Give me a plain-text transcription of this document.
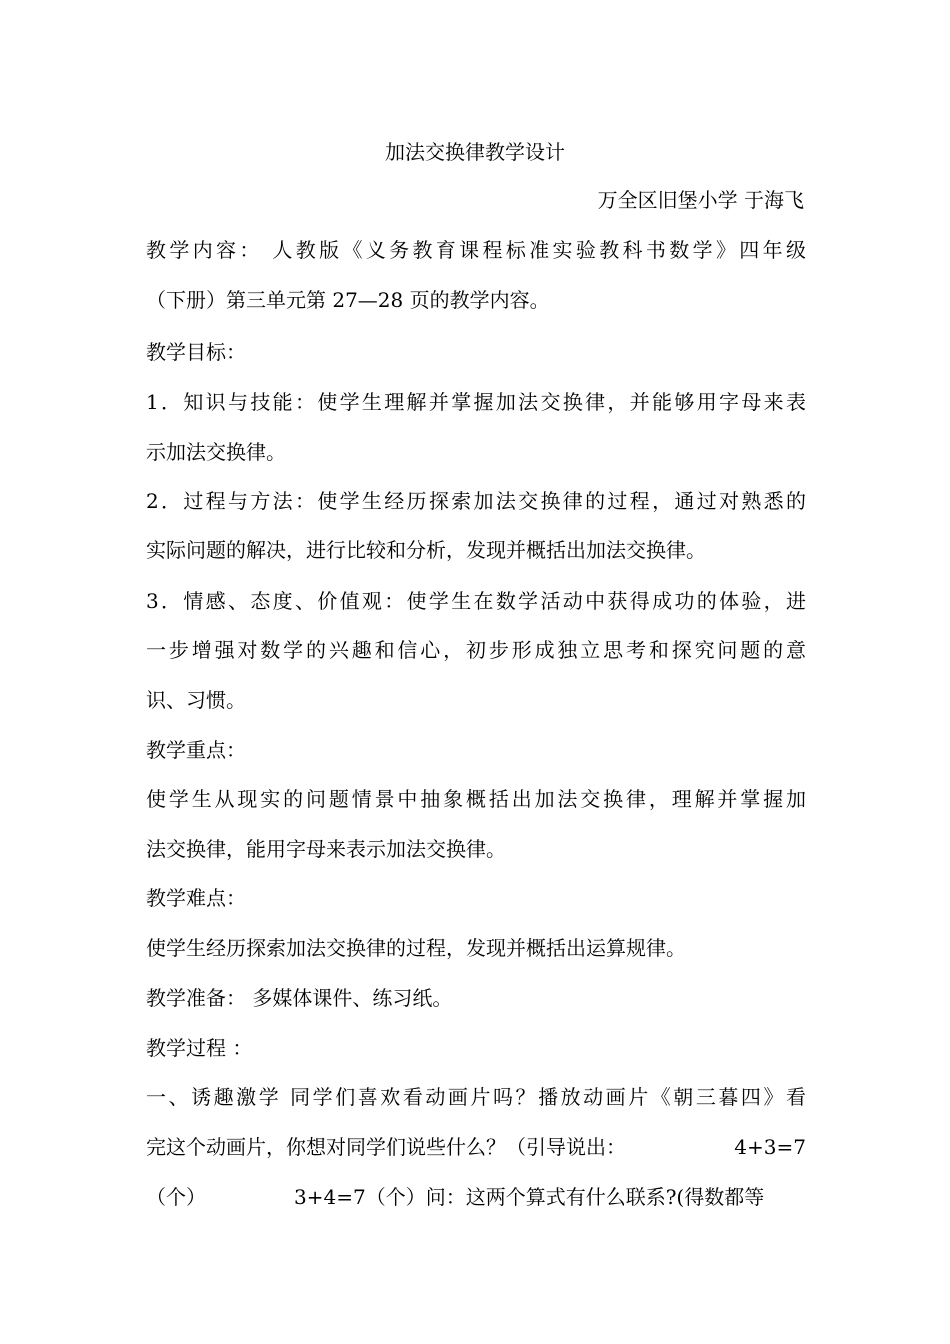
加法交换律教学设计
万全区旧堡小学 于海飞
教学内容： 人教版《义务教育课程标准实验教科书数学》四年级
（下册）第三单元第 27—28 页的教学内容。
教学目标：
1．知识与技能：使学生理解并掌握加法交换律，并能够用字母来表
示加法交换律。
2．过程与方法：使学生经历探索加法交换律的过程，通过对熟悉的
实际问题的解决，进行比较和分析，发现并概括出加法交换律。
3．情感、态度、价值观：使学生在数学活动中获得成功的体验，进
一步增强对数学的兴趣和信心，初步形成独立思考和探究问题的意
识、习惯。
教学重点：
使学生从现实的问题情景中抽象概括出加法交换律，理解并掌握加
法交换律，能用字母来表示加法交换律。
教学难点：
使学生经历探索加法交换律的过程，发现并概括出运算规律。
教学准备： 多媒体课件、练习纸。
教学过程 ：
一、诱趣激学 同学们喜欢看动画片吗？播放动画片《朝三暮四》看
完这个动画片，你想对同学们说些什么？（引导说出：	4+3=7
（个）	3+4=7（个）问：这两个算式有什么联系?(得数都等
